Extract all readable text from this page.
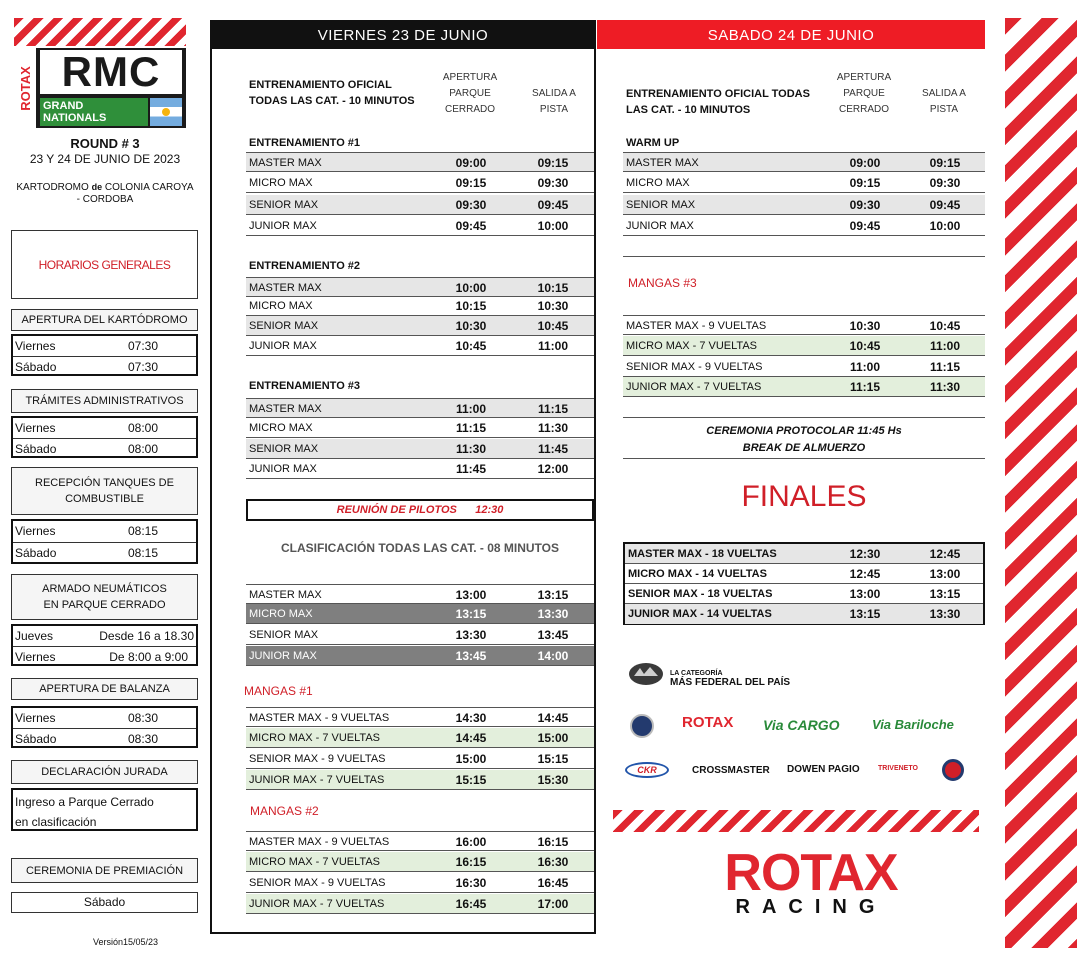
ROTAX RMC
GRAND NATIONALS
ROUND # 3
23 Y 24 DE JUNIO DE 2023
KARTODROMO de COLONIA CAROYA - CORDOBA
HORARIOS GENERALES
APERTURA DEL KARTÓDROMO
Viernes	07:30
Sábado	07:30
TRÁMITES ADMINISTRATIVOS
Viernes	08:00
Sábado	08:00
RECEPCIÓN TANQUES DE COMBUSTIBLE
Viernes	08:15
Sábado	08:15
ARMADO NEUMÁTICOS
EN PARQUE CERRADO
Jueves	Desde 16 a 18.30
Viernes	De 8:00 a 9:00
APERTURA DE BALANZA
Viernes	08:30
Sábado	08:30
DECLARACIÓN JURADA
Ingreso a Parque Cerrado
en clasificación
CEREMONIA DE PREMIACIÓN
Sábado
Versión15/05/23
VIERNES 23 DE JUNIO
ENTRENAMIENTO OFICIAL TODAS LAS CAT. - 10 MINUTOS
APERTURA PARQUE CERRADO
SALIDA A PISTA
ENTRENAMIENTO #1
MASTER MAX	09:00	09:15
MICRO MAX	09:15	09:30
SENIOR MAX	09:30	09:45
JUNIOR MAX	09:45	10:00
ENTRENAMIENTO #2
MASTER MAX	10:00	10:15
MICRO MAX	10:15	10:30
SENIOR MAX	10:30	10:45
JUNIOR MAX	10:45	11:00
ENTRENAMIENTO #3
MASTER MAX	11:00	11:15
MICRO MAX	11:15	11:30
SENIOR MAX	11:30	11:45
JUNIOR MAX	11:45	12:00
REUNIÓN DE PILOTOS 12:30
CLASIFICACIÓN TODAS LAS CAT. - 08 MINUTOS
MASTER MAX	13:00	13:15
MICRO MAX	13:15	13:30
SENIOR MAX	13:30	13:45
JUNIOR MAX	13:45	14:00
MANGAS #1
MASTER MAX - 9 VUELTAS	14:30	14:45
MICRO MAX - 7 VUELTAS	14:45	15:00
SENIOR MAX - 9 VUELTAS	15:00	15:15
JUNIOR MAX - 7 VUELTAS	15:15	15:30
MANGAS #2
MASTER MAX - 9 VUELTAS	16:00	16:15
MICRO MAX - 7 VUELTAS	16:15	16:30
SENIOR MAX - 9 VUELTAS	16:30	16:45
JUNIOR MAX - 7 VUELTAS	16:45	17:00
SABADO 24 DE JUNIO
ENTRENAMIENTO OFICIAL TODAS LAS CAT. - 10 MINUTOS
APERTURA PARQUE CERRADO
SALIDA A PISTA
WARM UP
MASTER MAX	09:00	09:15
MICRO MAX	09:15	09:30
SENIOR MAX	09:30	09:45
JUNIOR MAX	09:45	10:00
MANGAS #3
MASTER MAX - 9 VUELTAS	10:30	10:45
MICRO MAX - 7 VUELTAS	10:45	11:00
SENIOR MAX - 9 VUELTAS	11:00	11:15
JUNIOR MAX - 7 VUELTAS	11:15	11:30
CEREMONIA PROTOCOLAR 11:45 Hs
BREAK DE ALMUERZO
FINALES
MASTER MAX - 18 VUELTAS	12:30	12:45
MICRO MAX - 14 VUELTAS	12:45	13:00
SENIOR MAX - 18 VUELTAS	13:00	13:15
JUNIOR MAX - 14 VUELTAS	13:15	13:30
LA CATEGORÍA
MÁS FEDERAL DEL PAÍS
ROTAX Via CARGO	Via Bariloche
CKR	CROSSMASTER DOWEN PAGIO	TRIVENETO
ROTAX
RACING
